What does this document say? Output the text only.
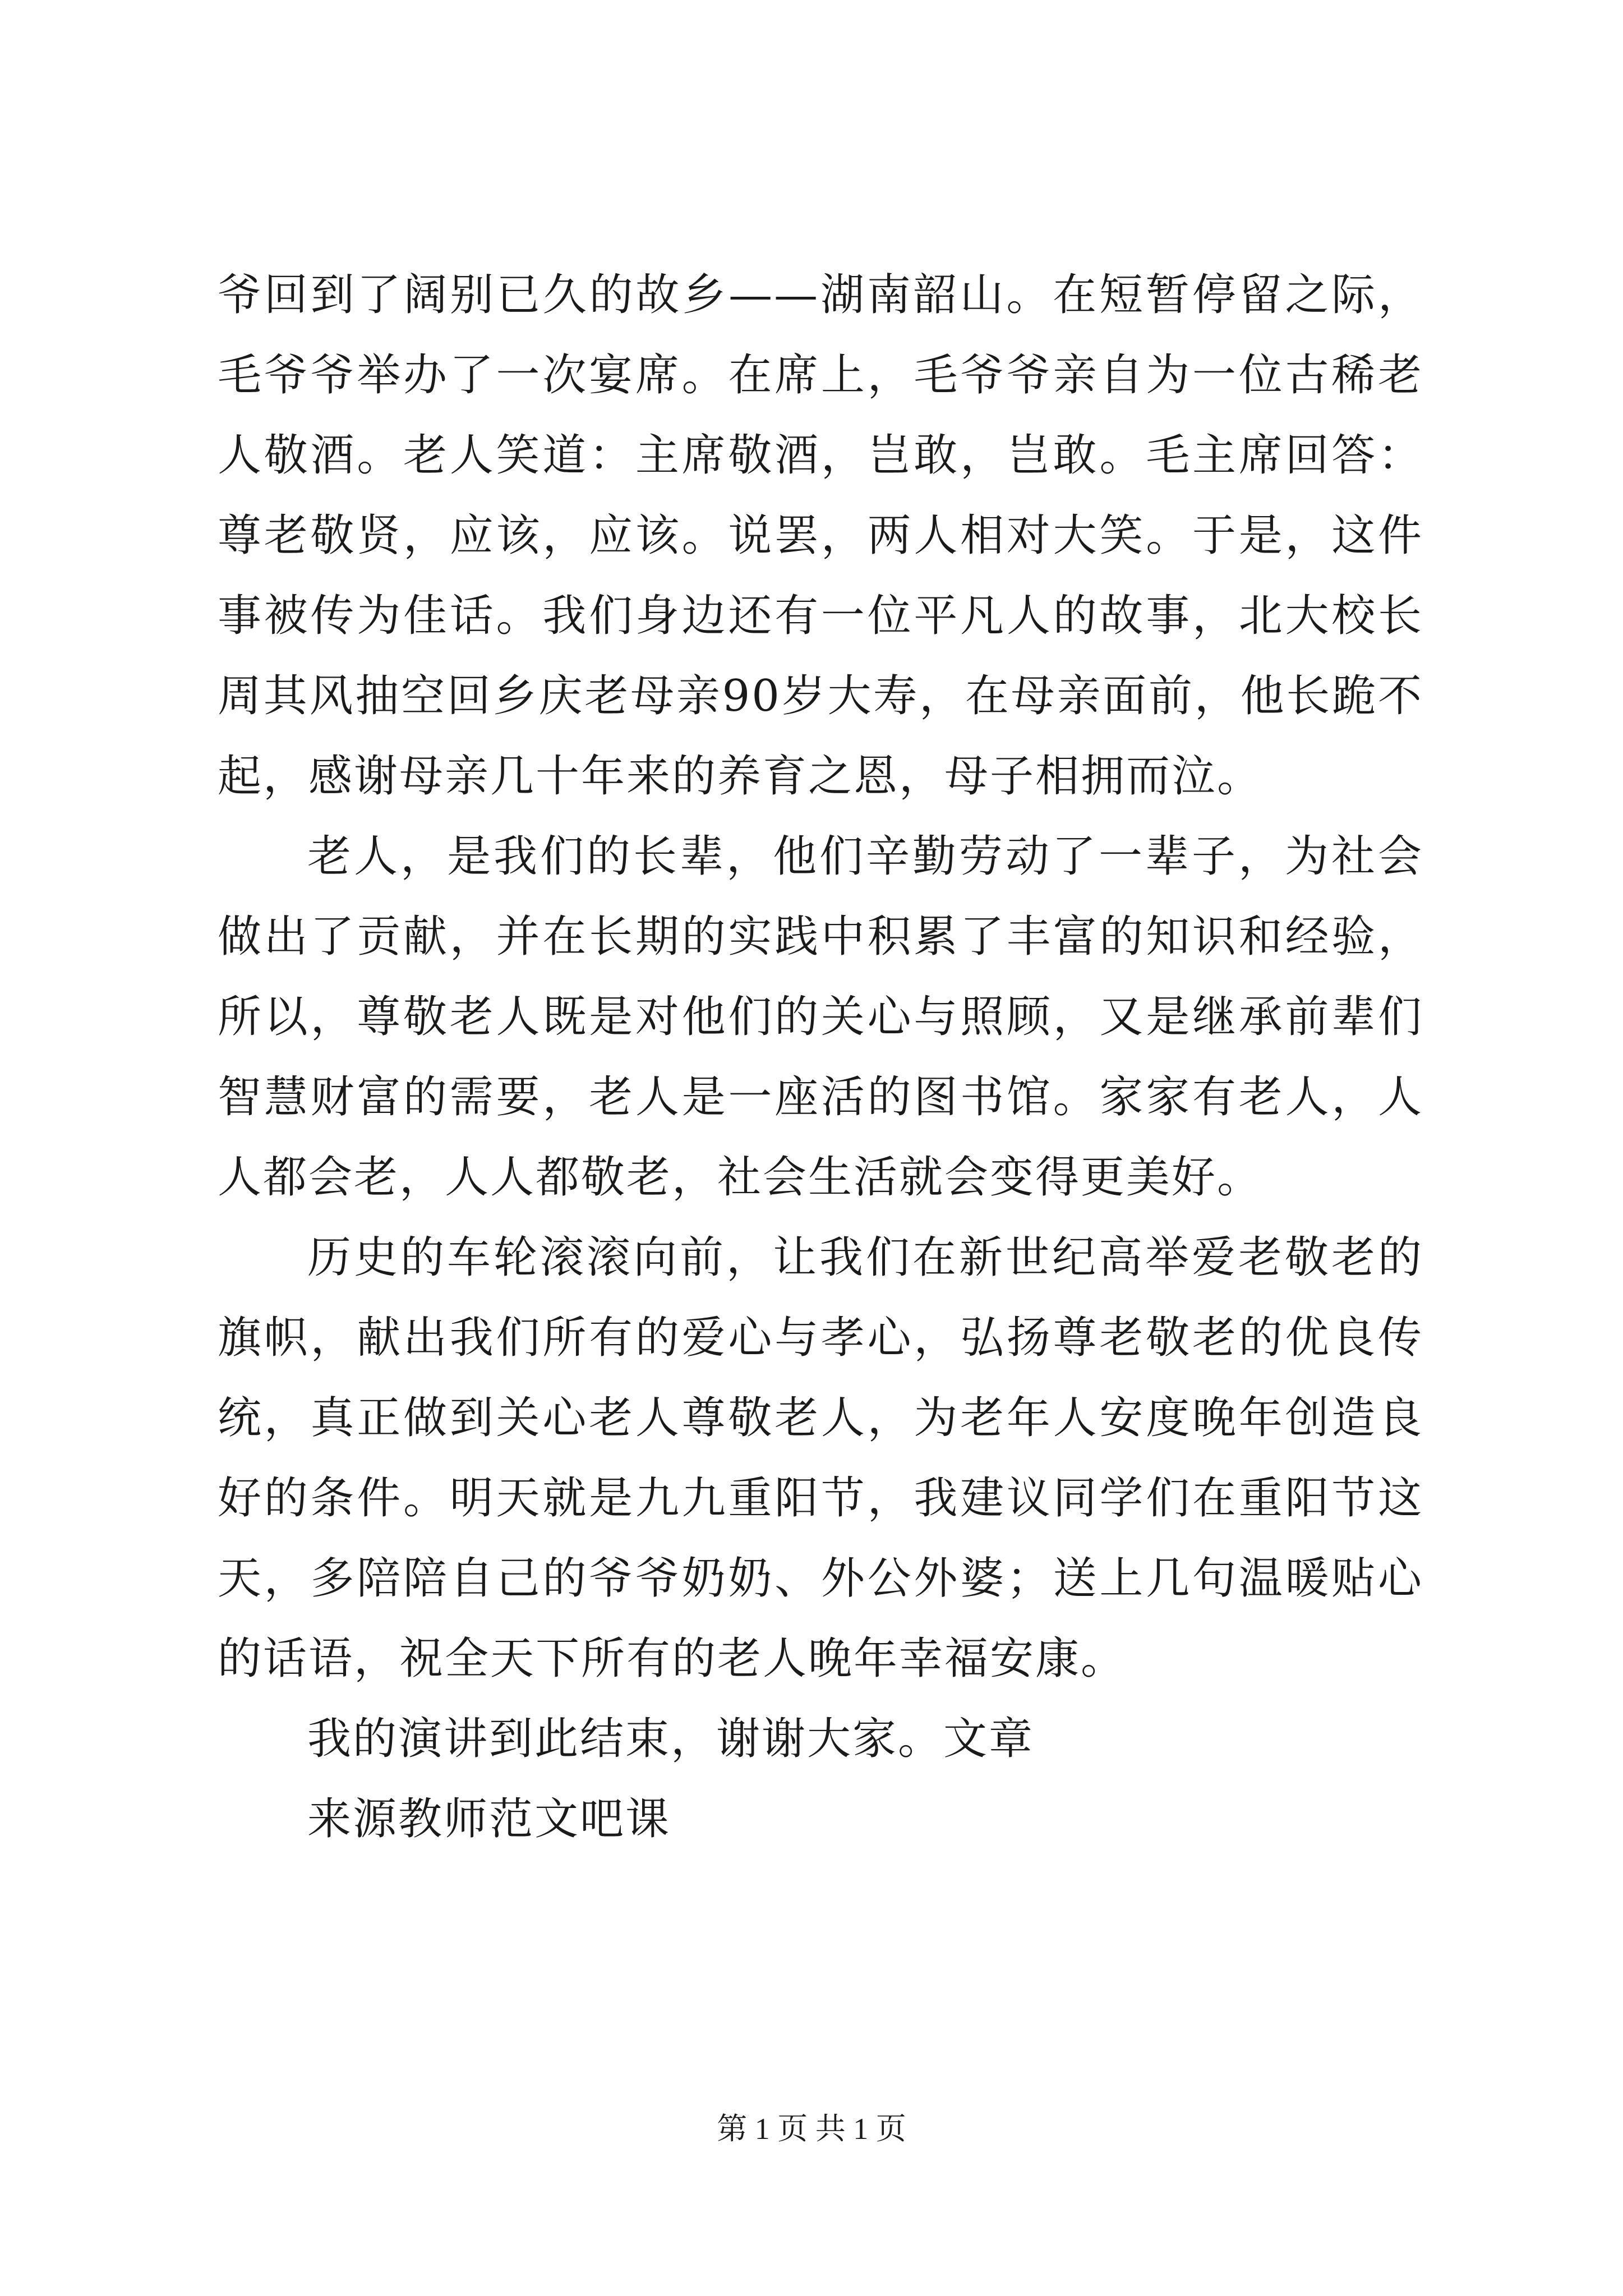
爷回到了阔别已久的故乡——湖南韶山。在短暂停留之际，毛爷爷举办了一次宴席。在席上，毛爷爷亲自为一位古稀老人敬酒。老人笑道：主席敬酒，岂敢，岂敢。毛主席回答：尊老敬贤，应该，应该。说罢，两人相对大笑。于是，这件事被传为佳话。我们身边还有一位平凡人的故事，北大校长周其风抽空回乡庆老母亲90岁大寿，在母亲面前，他长跪不起，感谢母亲几十年来的养育之恩，母子相拥而泣。

老人，是我们的长辈，他们辛勤劳动了一辈子，为社会做出了贡献，并在长期的实践中积累了丰富的知识和经验，所以，尊敬老人既是对他们的关心与照顾，又是继承前辈们智慧财富的需要，老人是一座活的图书馆。家家有老人，人人都会老，人人都敬老，社会生活就会变得更美好。

历史的车轮滚滚向前，让我们在新世纪高举爱老敬老的旗帜，献出我们所有的爱心与孝心，弘扬尊老敬老的优良传统，真正做到关心老人尊敬老人，为老年人安度晚年创造良好的条件。明天就是九九重阳节，我建议同学们在重阳节这天，多陪陪自己的爷爷奶奶、外公外婆；送上几句温暖贴心的话语，祝全天下所有的老人晚年幸福安康。

我的演讲到此结束，谢谢大家。文章

来源教师范文吧课

第 1 页 共 1 页
